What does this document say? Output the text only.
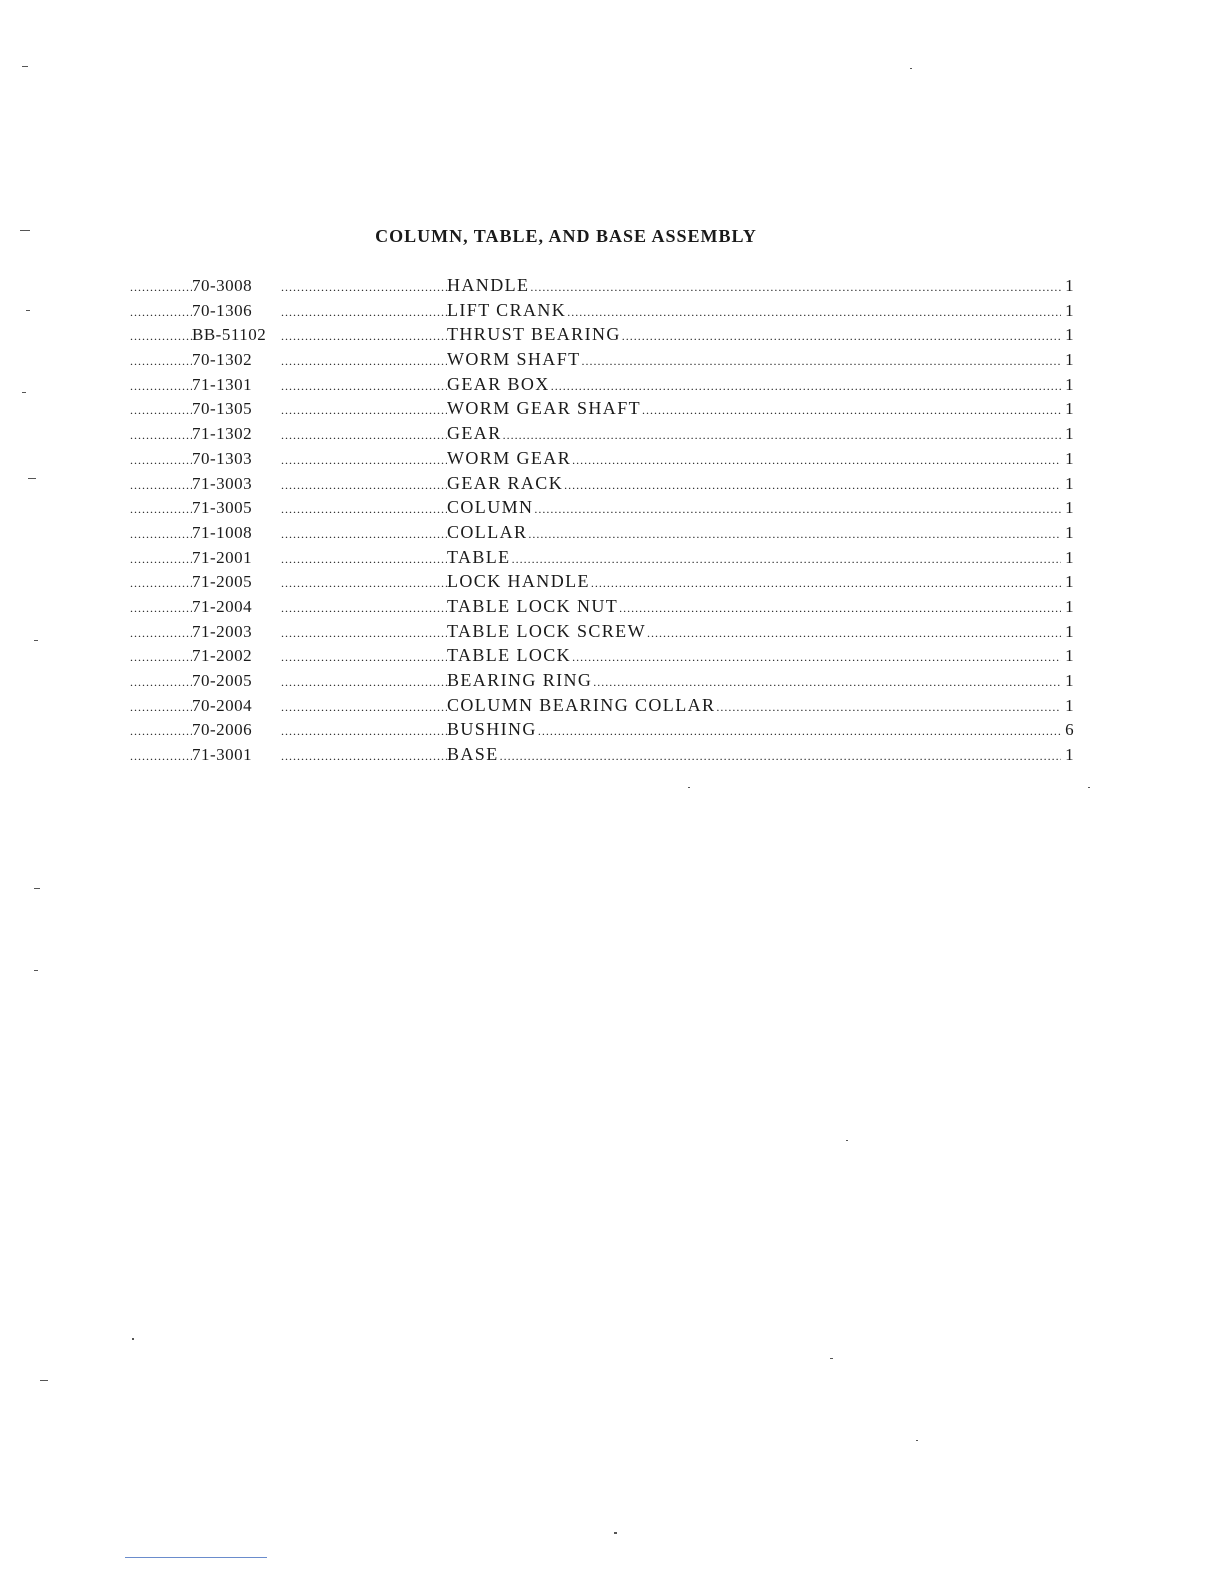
COLUMN, TABLE, AND BASE ASSEMBLY
.....
70-3008 .....	HANDLE .....	1
.....
70-1306 .....	LIFT CRANK .....	1
.....
BB-51102 .....	THRUST BEARING .....	1
.....
70-1302 .....	WORM SHAFT .....	1
.....
71-1301 .....	GEAR BOX .....	1
.....
70-1305 .....	WORM GEAR SHAFT .....	1
.....
71-1302 .....	GEAR .....	1
.....
70-1303 .....	WORM GEAR .....	1
.....
71-3003 .....	GEAR RACK .....	1
.....
71-3005 .....	COLUMN .....	1
.....
71-1008 .....	COLLAR .....	1
.....
71-2001 .....	TABLE .....	1
.....
71-2005 .....	LOCK HANDLE .....	1
.....
71-2004 .....	TABLE LOCK NUT .....	1
.....
71-2003 .....	TABLE LOCK SCREW .....	1
.....
71-2002 .....	TABLE LOCK .....	1
.....
70-2005 .....	BEARING RING .....	1
.....
70-2004 .....	COLUMN BEARING COLLAR .....	1
.....
70-2006 .....	BUSHING .....	6
.....
71-3001 .....	BASE .....	1
